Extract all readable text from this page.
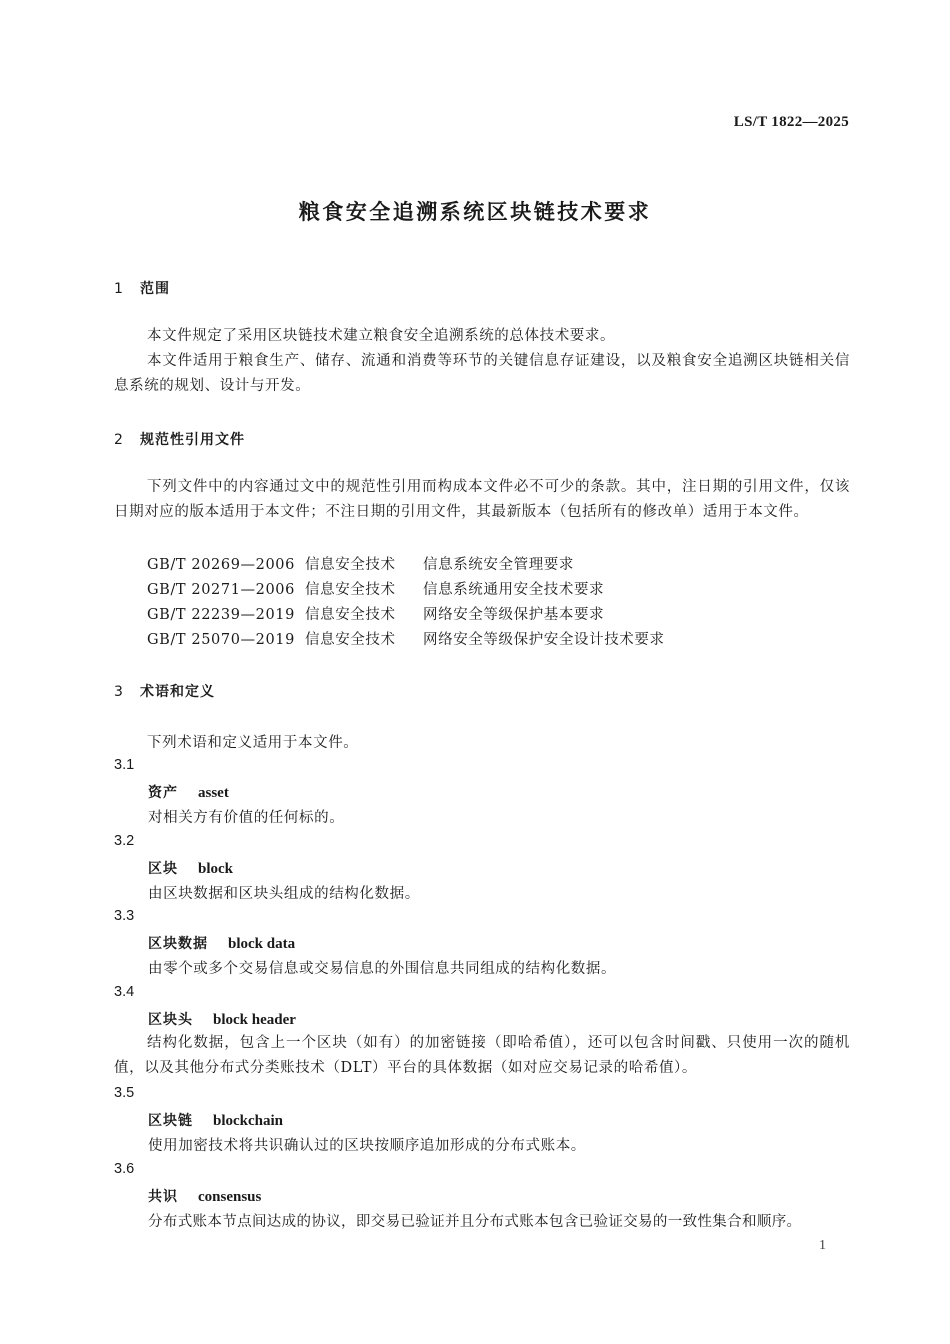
LS/T 1822—2025
粮食安全追溯系统区块链技术要求
1 范围
本文件规定了采用区块链技术建立粮食安全追溯系统的总体技术要求。
本文件适用于粮食生产、储存、流通和消费等环节的关键信息存证建设，以及粮食安全追溯区块链相关信息系统的规划、设计与开发。
2 规范性引用文件
下列文件中的内容通过文中的规范性引用而构成本文件必不可少的条款。其中，注日期的引用文件，仅该日期对应的版本适用于本文件；不注日期的引用文件，其最新版本（包括所有的修改单）适用于本文件。
GB/T 20269—2006 信息安全技术 信息系统安全管理要求
GB/T 20271—2006 信息安全技术 信息系统通用安全技术要求
GB/T 22239—2019 信息安全技术 网络安全等级保护基本要求
GB/T 25070—2019 信息安全技术 网络安全等级保护安全设计技术要求
3 术语和定义
下列术语和定义适用于本文件。
3.1
资产 asset
对相关方有价值的任何标的。
3.2
区块 block
由区块数据和区块头组成的结构化数据。
3.3
区块数据 block data
由零个或多个交易信息或交易信息的外围信息共同组成的结构化数据。
3.4
区块头 block header
结构化数据，包含上一个区块（如有）的加密链接（即哈希值），还可以包含时间戳、只使用一次的随机值，以及其他分布式分类账技术（DLT）平台的具体数据（如对应交易记录的哈希值）。
3.5
区块链 blockchain
使用加密技术将共识确认过的区块按顺序追加形成的分布式账本。
3.6
共识 consensus
分布式账本节点间达成的协议，即交易已验证并且分布式账本包含已验证交易的一致性集合和顺序。
1
